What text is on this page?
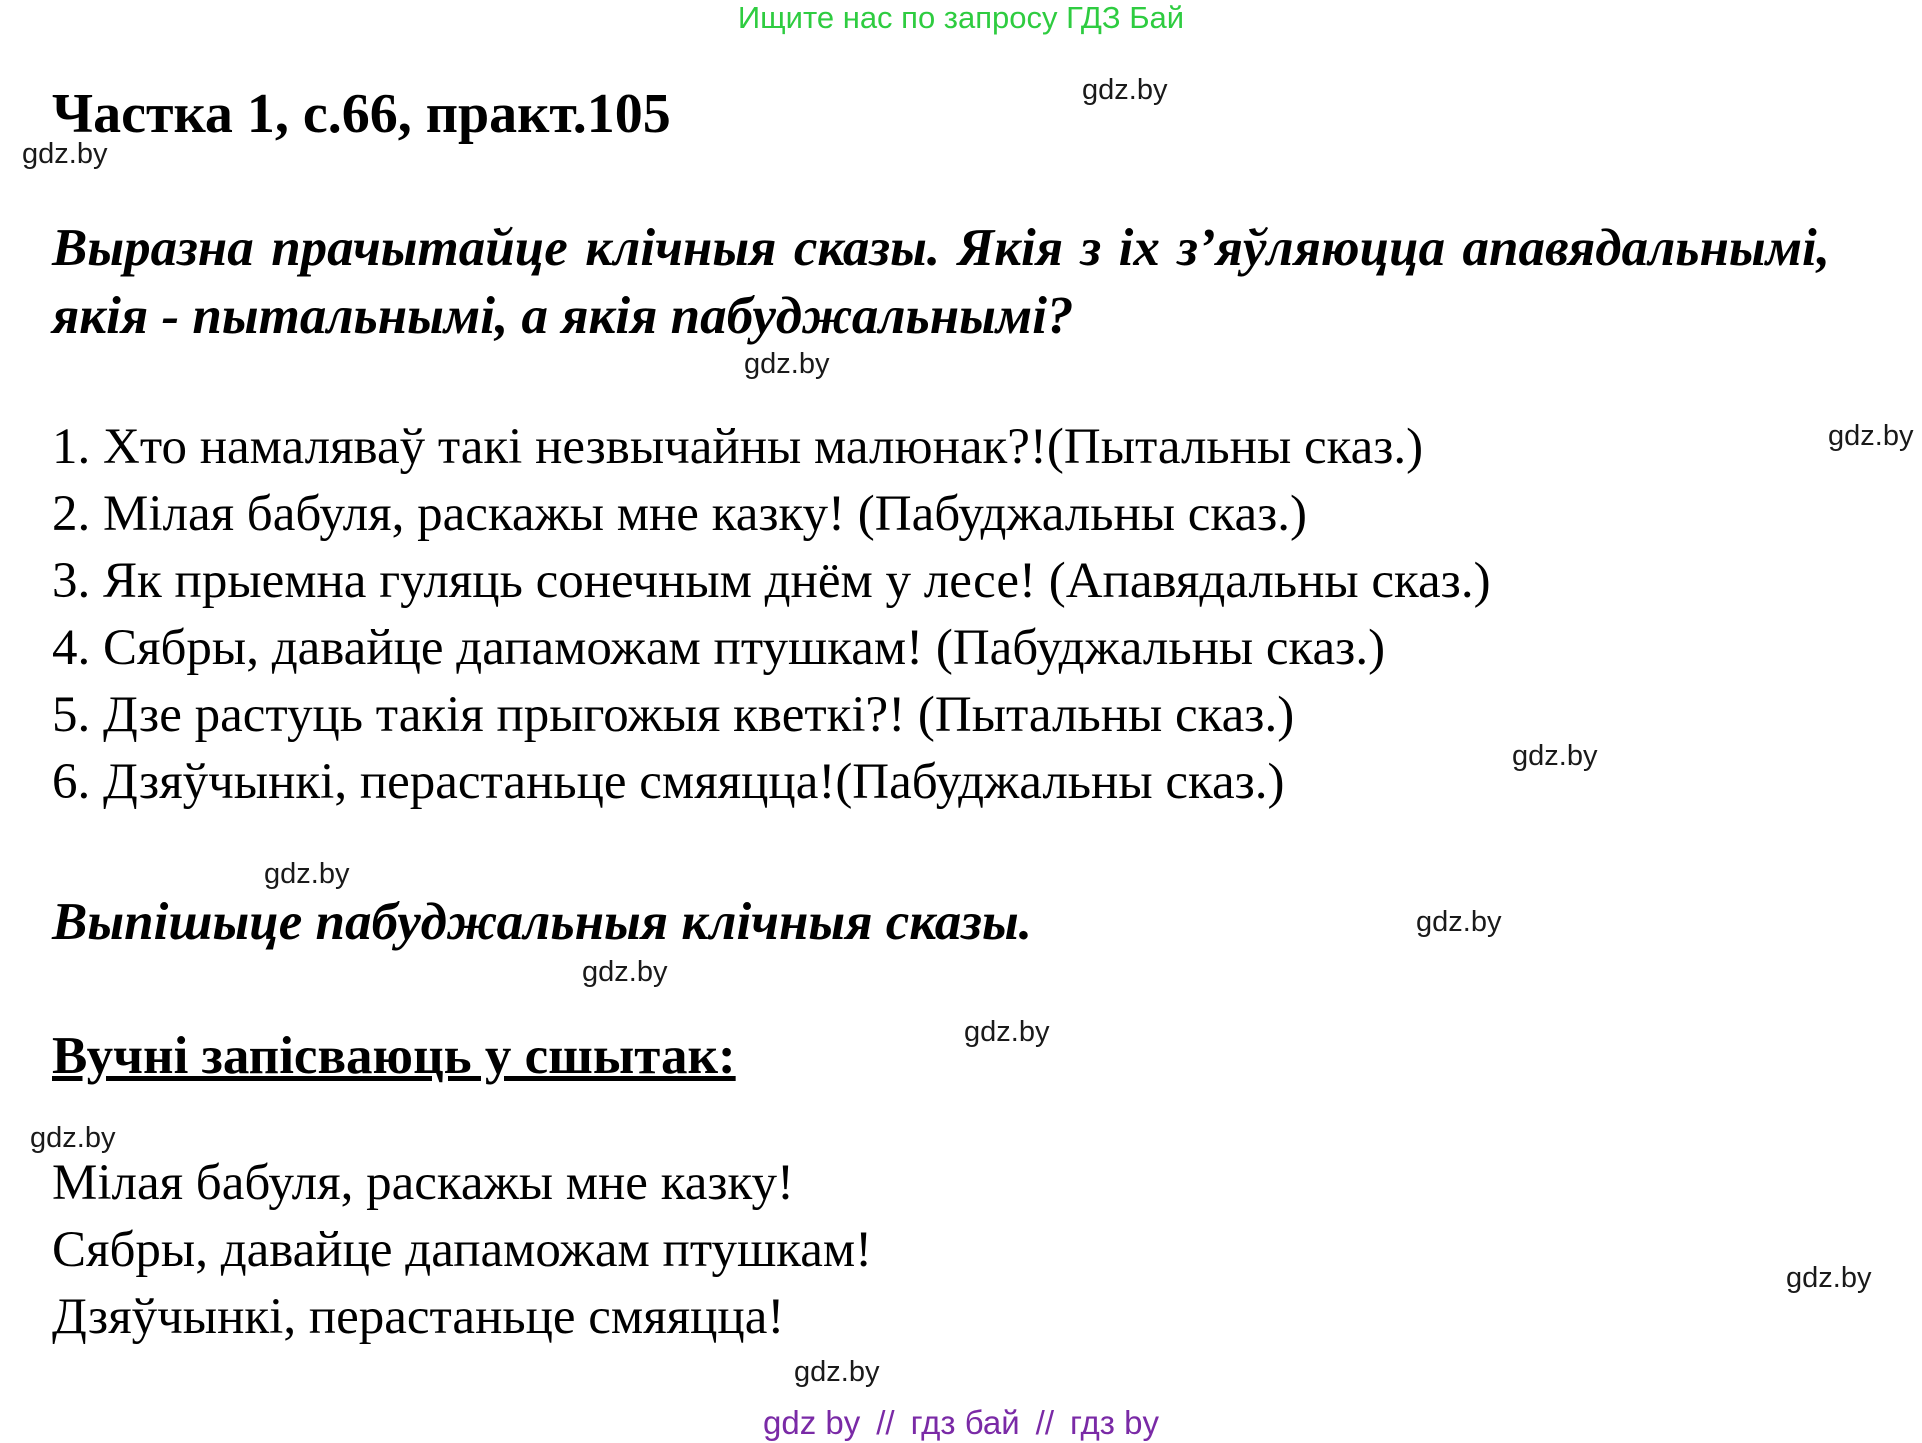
Ищите нас по запросу ГДЗ Бай
Частка 1, с.66, практ.105
Выразна прачытайце клічныя сказы. Якія з іх з’яўляюцца апавядальнымі, якія - пытальнымі, а якія пабуджальнымі?
1. Хто намаляваў такі незвычайны малюнак?!(Пытальны сказ.)
2. Мілая бабуля, раскажы мне казку! (Пабуджальны сказ.)
3. Як прыемна гуляць сонечным днём у лесе! (Апавядальны сказ.)
4. Сябры, давайце дапаможам птушкам! (Пабуджальны сказ.)
5. Дзе растуць такія прыгожыя кветкі?! (Пытальны сказ.)
6. Дзяўчынкі, перастаньце смяяцца!(Пабуджальны сказ.)
Выпішыце пабуджальныя клічныя сказы.
Вучні запісваюць у сшытак:
Мілая бабуля, раскажы мне казку!
Сябры, давайце дапаможам птушкам!
Дзяўчынкі, перастаньце смяяцца!
gdz.by
gdz.by
gdz.by
gdz.by
gdz.by
gdz.by
gdz.by
gdz.by
gdz.by
gdz.by
gdz.by
gdz.by
gdz by // гдз бай // гдз by
